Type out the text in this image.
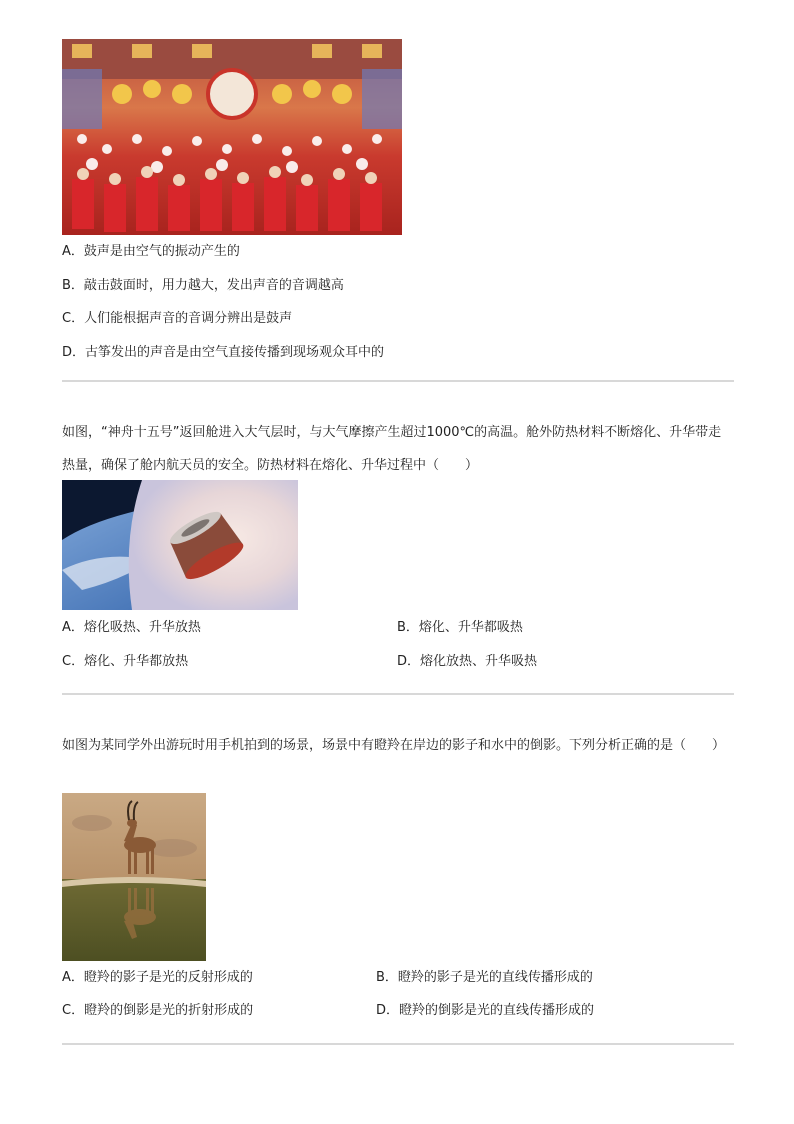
A．鼓声是由空气的振动产生的
B．敲击鼓面时，用力越大，发出声音的音调越高
C．人们能根据声音的音调分辨出是鼓声
D．古筝发出的声音是由空气直接传播到现场观众耳中的
如图，“神舟十五号”返回舱进入大气层时，与大气摩擦产生超过1000℃的高温。舱外防热材料不断熔化、升华带走热量，确保了舱内航天员的安全。防热材料在熔化、升华过程中（　　）
A．熔化吸热、升华放热	B．熔化、升华都吸热
C．熔化、升华都放热	D．熔化放热、升华吸热
如图为某同学外出游玩时用手机拍到的场景，场景中有瞪羚在岸边的影子和水中的倒影。下列分析正确的是（　　）
A．瞪羚的影子是光的反射形成的	B．瞪羚的影子是光的直线传播形成的
C．瞪羚的倒影是光的折射形成的	D．瞪羚的倒影是光的直线传播形成的
